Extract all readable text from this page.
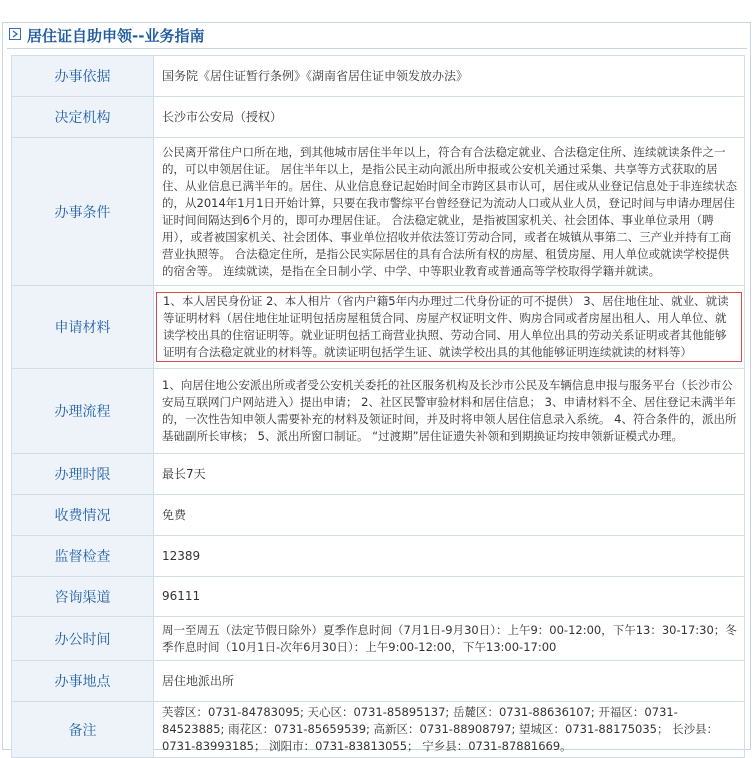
居住证自助申领--业务指南
办事依据	国务院《居住证暂行条例》《湖南省居住证申领发放办法》
决定机构	长沙市公安局（授权）
办事条件	公民离开常住户口所在地，到其他城市居住半年以上，符合有合法稳定就业、合法稳定住所、连续就读条件之一的，可以申领居住证。 居住半年以上，是指公民主动向派出所申报或公安机关通过采集、共享等方式获取的居住、从业信息已满半年的。居住、从业信息登记起始时间全市跨区县市认可，居住或从业登记信息处于非连续状态的，从2014年1月1日开始计算，只要在我市警综平台曾经登记为流动人口或从业人员，登记时间与申请办理居住证时间间隔达到6个月的，即可办理居住证。 合法稳定就业，是指被国家机关、社会团体、事业单位录用（聘用），或者被国家机关、社会团体、事业单位招收并依法签订劳动合同，或者在城镇从事第二、三产业并持有工商营业执照等。 合法稳定住所，是指公民实际居住的具有合法所有权的房屋、租赁房屋、用人单位或就读学校提供的宿舍等。 连续就读，是指在全日制小学、中学、中等职业教育或普通高等学校取得学籍并就读。
申请材料	1、本人居民身份证 2、本人相片（省内户籍5年内办理过二代身份证的可不提供） 3、居住地住址、就业、就读等证明材料（居住地住址证明包括房屋租赁合同、房屋产权证明文件、购房合同或者房屋出租人、用人单位、就读学校出具的住宿证明等。就业证明包括工商营业执照、劳动合同、用人单位出具的劳动关系证明或者其他能够证明有合法稳定就业的材料等。就读证明包括学生证、就读学校出具的其他能够证明连续就读的材料等）

办理流程	1、向居住地公安派出所或者受公安机关委托的社区服务机构及长沙市公民及车辆信息申报与服务平台（长沙市公安局互联网门户网站进入）提出申请； 2、社区民警审验材料和居住信息； 3、申请材料不全、居住登记未满半年的，一次性告知申领人需要补充的材料及领证时间，并及时将申领人居住信息录入系统。 4、符合条件的，派出所基础副所长审核； 5、派出所窗口制证。 “过渡期”居住证遗失补领和到期换证均按申领新证模式办理。
办理时限	最长7天
收费情况	免费
监督检查	12389
咨询渠道	96111
办公时间	周一至周五（法定节假日除外）夏季作息时间（7月1日-9月30日）：上午9：00-12:00，下午13：30-17:30；冬季作息时间（10月1日-次年6月30日）：上午9:00-12:00，下午13:00-17:00
办事地点	居住地派出所
备注	芙蓉区：0731-84783095; 天心区：0731-85895137; 岳麓区：0731-88636107; 开福区：0731-84523885; 雨花区：0731-85659539; 高新区：0731-88908797; 望城区：0731-88175035； 长沙县：0731-83993185； 浏阳市：0731-83813055； 宁乡县：0731-87881669。
